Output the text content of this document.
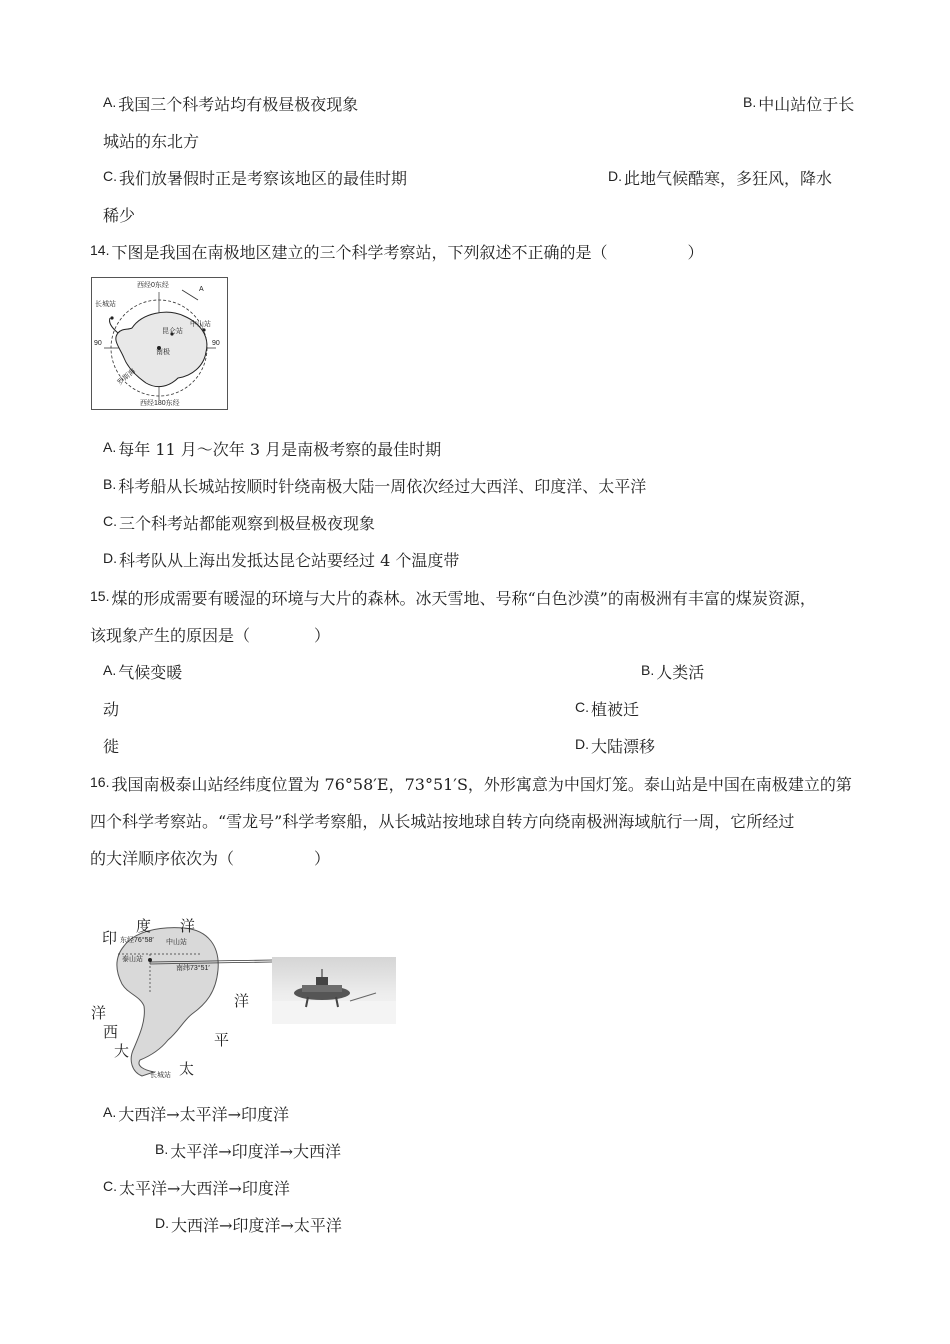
A. 我国三个科考站均有极昼极夜现象	B. 中山站位于长
城站的东北方
C. 我们放暑假时正是考察该地区的最佳时期	D. 此地气候酷寒，多狂风，降水
稀少
14. 下图是我国在南极地区建立的三个科学考察站，下列叙述不正确的是（　　　　　）
西经0东经
A
长城站
中山站
昆仑站
90	90
南极
罗斯海
西经180东经
A. 每年 11 月～次年 3 月是南极考察的最佳时期
B. 科考船从长城站按顺时针绕南极大陆一周依次经过大西洋、印度洋、太平洋
C. 三个科考站都能观察到极昼极夜现象
D. 科考队从上海出发抵达昆仑站要经过 4 个温度带
15. 煤的形成需要有暖湿的环境与大片的森林。冰天雪地、号称“白色沙漠”的南极洲有丰富的煤炭资源，
该现象产生的原因是（　　　　）
A. 气候变暖	B. 人类活
动	C. 植被迁
徙	D. 大陆漂移
16. 我国南极泰山站经纬度位置为 76°58′E，73°51′S，外形寓意为中国灯笼。泰山站是中国在南极建立的第
四个科学考察站。“雪龙号”科学考察船，从长城站按地球自转方向绕南极洲海域航行一周，它所经过
的大洋顺序依次为（　　　　　）
东经76°58′ 中山站
泰山站
南纬73°51′
长城站
印
度 洋
洋
西
大
洋
平
太
A. 大西洋→太平洋→印度洋
B. 太平洋→印度洋→大西洋
C. 太平洋→大西洋→印度洋
D. 大西洋→印度洋→太平洋
